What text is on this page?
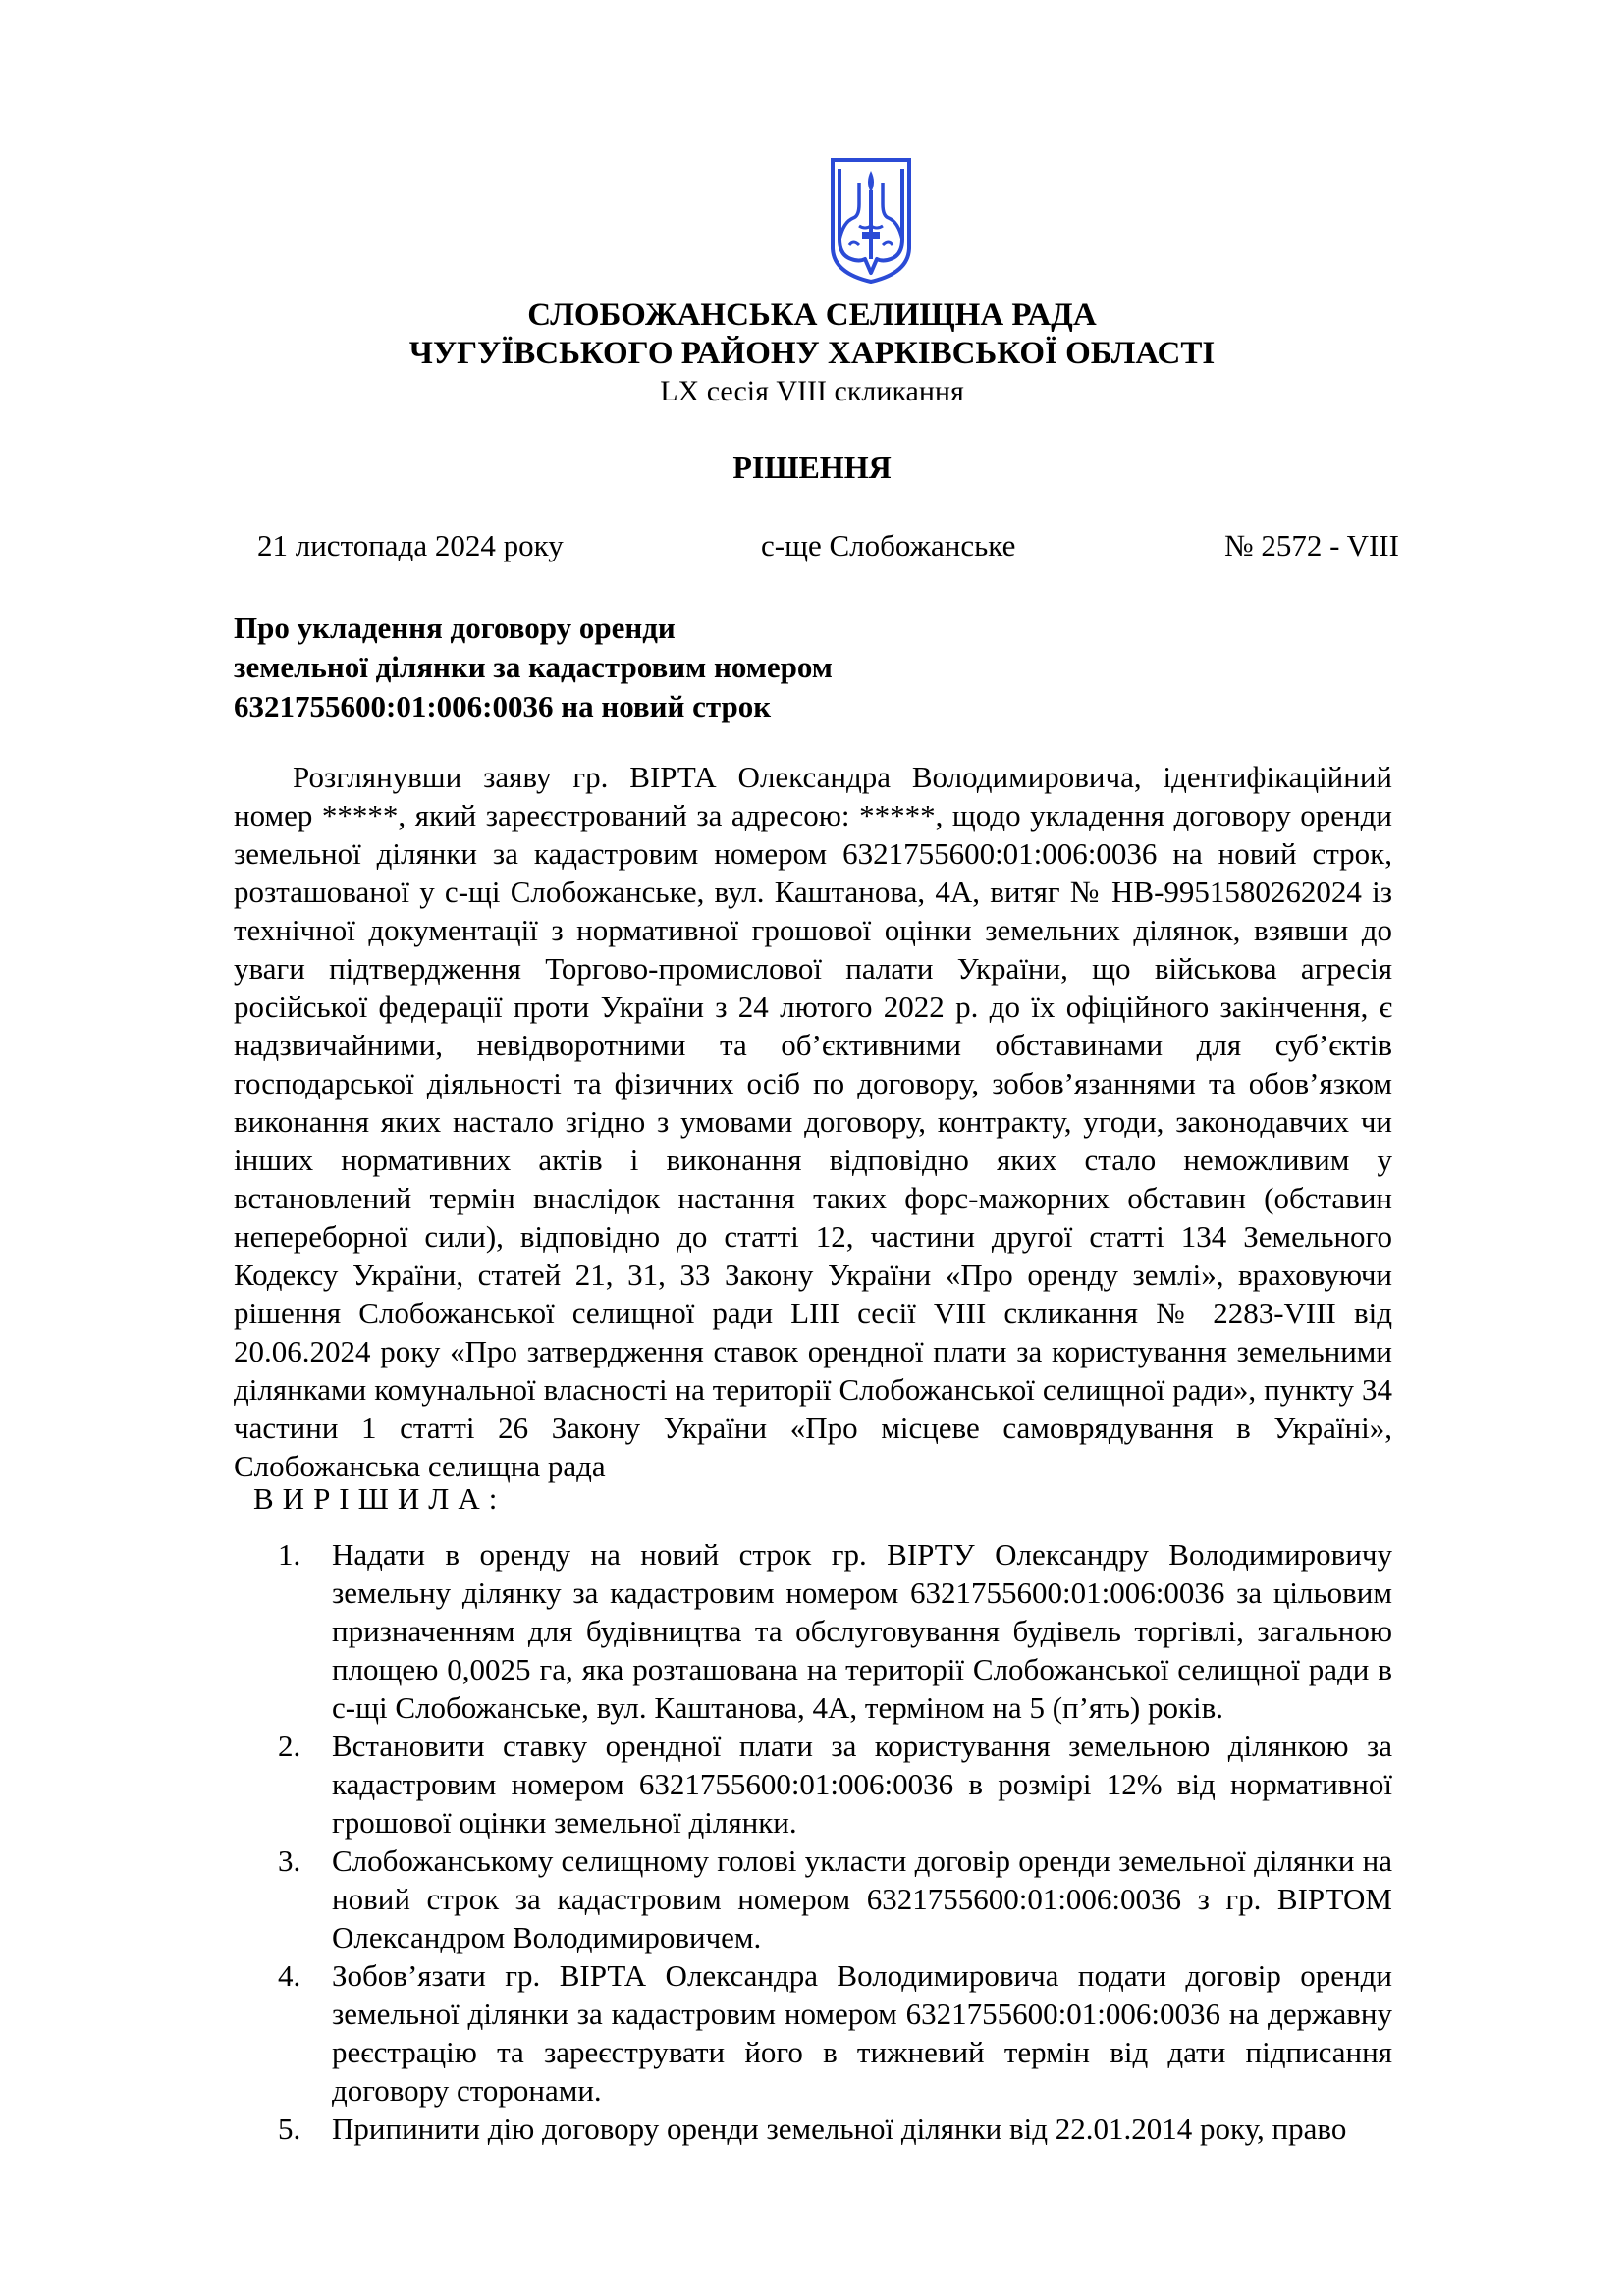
СЛОБОЖАНСЬКА СЕЛИЩНА РАДА

ЧУГУЇВСЬКОГО РАЙОНУ ХАРКІВСЬКОЇ ОБЛАСТІ

LX сесія VIII скликання

РІШЕННЯ

21 листопада 2024 року	с-ще Слобожанське	№ 2572 - VIII

Про укладення договору оренди
земельної ділянки за кадастровим номером
6321755600:01:006:0036 на новий строк

Розглянувши заяву гр. ВІРТА Олександра Володимировича, ідентифікаційний номер *****, який зареєстрований за адресою: *****, щодо укладення договору оренди земельної ділянки за кадастровим номером 6321755600:01:006:0036 на новий строк, розташованої у с-щі Слобожанське, вул. Каштанова, 4А, витяг № НВ-9951580262024 із технічної документації з нормативної грошової оцінки земельних ділянок, взявши до уваги підтвердження Торгово-промислової палати України, що військова агресія російської федерації проти України з 24 лютого 2022 р. до їх офіційного закінчення, є надзвичайними, невідворотними та об’єктивними обставинами для суб’єктів господарської діяльності та фізичних осіб по договору, зобов’язаннями та обов’язком виконання яких настало згідно з умовами договору, контракту, угоди, законодавчих чи інших нормативних актів і виконання відповідно яких стало неможливим у встановлений термін внаслідок настання таких форс-мажорних обставин (обставин непереборної сили), відповідно до статті 12, частини другої статті 134 Земельного Кодексу України, статей 21, 31, 33 Закону України «Про оренду землі», враховуючи рішення Слобожанської селищної ради LIII сесії VIII скликання № 2283-VIII від 20.06.2024 року «Про затвердження ставок орендної плати за користування земельними ділянками комунальної власності на території Слобожанської селищної ради», пункту 34 частини 1 статті 26 Закону України «Про місцеве самоврядування в Україні», Слобожанська селищна рада

ВИРІШИЛА:

1. Надати в оренду на новий строк гр. ВІРТУ Олександру Володимировичу земельну ділянку за кадастровим номером 6321755600:01:006:0036 за цільовим призначенням для будівництва та обслуговування будівель торгівлі, загальною площею 0,0025 га, яка розташована на території Слобожанської селищної ради в с-щі Слобожанське, вул. Каштанова, 4А, терміном на 5 (п’ять) років.
2. Встановити ставку орендної плати за користування земельною ділянкою за кадастровим номером 6321755600:01:006:0036 в розмірі 12% від нормативної грошової оцінки земельної ділянки.
3. Слобожанському селищному голові укласти договір оренди земельної ділянки на новий строк за кадастровим номером 6321755600:01:006:0036 з гр. ВІРТОМ Олександром Володимировичем.
4. Зобов’язати гр. ВІРТА Олександра Володимировича подати договір оренди земельної ділянки за кадастровим номером 6321755600:01:006:0036 на державну реєстрацію та зареєструвати його в тижневий термін від дати підписання договору сторонами.
5. Припинити дію договору оренди земельної ділянки від 22.01.2014 року, право
